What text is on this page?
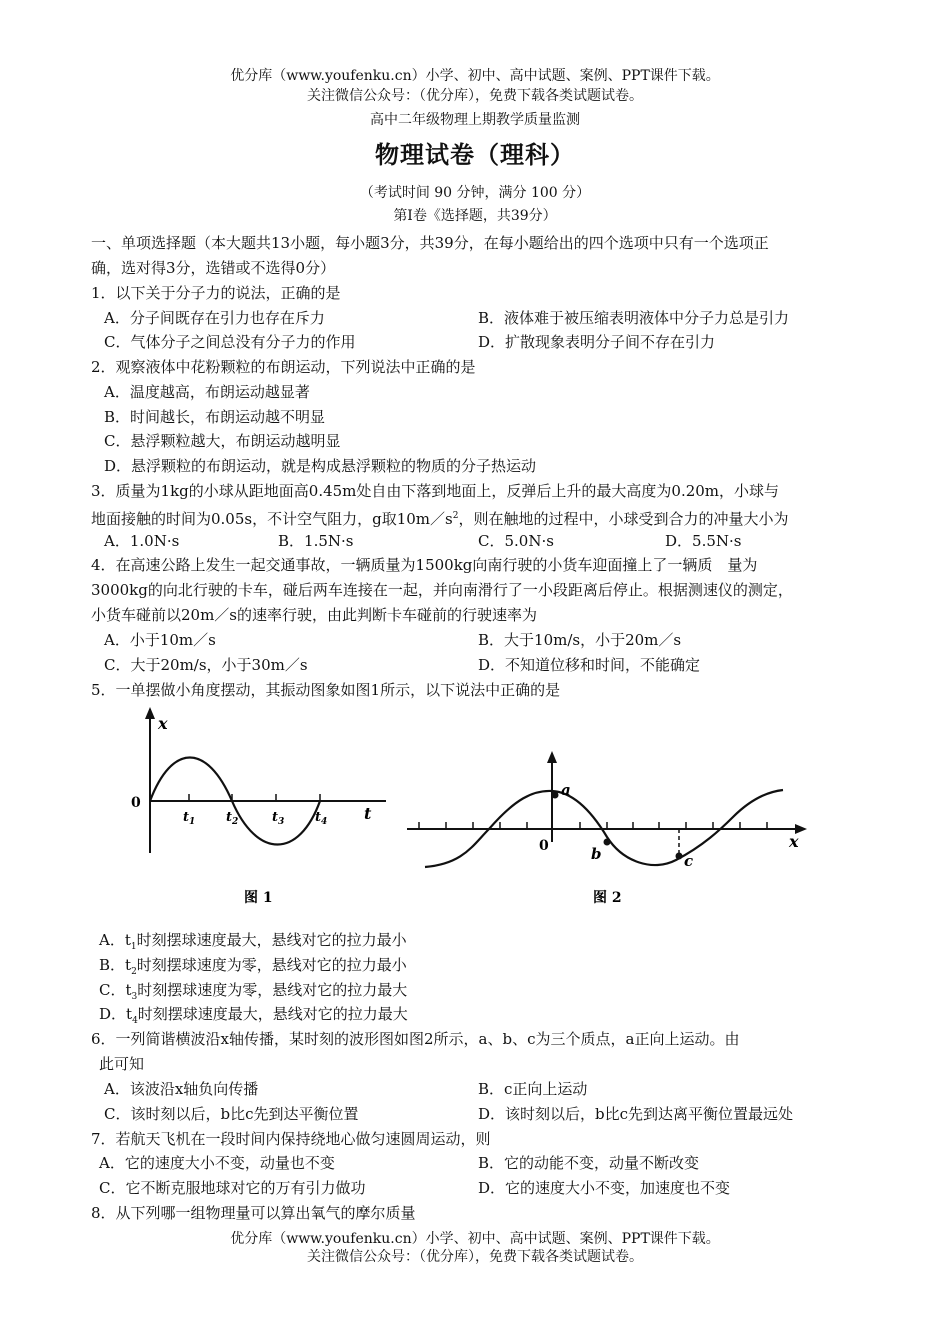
优分库（www.youfenku.cn）小学、初中、高中试题、案例、PPT课件下载。
关注微信公众号：（优分库），免费下载各类试题试卷。
高中二年级物理上期教学质量监测
物理试卷（理科）
（考试时间 90 分钟，满分 100 分）
第Ⅰ卷《选择题，共39分）
一、单项选择题（本大题共13小题，每小题3分，共39分，在每小题给出的四个选项中只有一个选项正
确，选对得3分，选错或不选得0分）
1．以下关于分子力的说法，正确的是
A．分子间既存在引力也存在斥力	B．液体难于被压缩表明液体中分子力总是引力
C．气体分子之间总没有分子力的作用	D．扩散现象表明分子间不存在引力
2．观察液体中花粉颗粒的布朗运动，下列说法中正确的是
A．温度越高，布朗运动越显著
B．时间越长，布朗运动越不明显
C．悬浮颗粒越大，布朗运动越明显
D．悬浮颗粒的布朗运动，就是构成悬浮颗粒的物质的分子热运动
3．质量为1kg的小球从距地面高0.45m处自由下落到地面上，反弹后上升的最大高度为0.20m，小球与
地面接触的时间为0.05s，不计空气阻力，g取$10m/s^2$，则在触地的过程中，小球受到合力的冲量大小为
A．1.0N·s	B．1.5N·s	C．5.0N·s	D．5.5N·s
4．在高速公路上发生一起交通事故，一辆质量为1500kg向南行驶的小货车迎面撞上了一辆质　量为
3000kg的向北行驶的卡车，碰后两车连接在一起，并向南滑行了一小段距离后停止。根据测速仪的测定，
小货车碰前以20m／s的速率行驶，由此判断卡车碰前的行驶速率为
A．小于10m／s	B．大于10m/s，小于20m／s
C．大于20m/s，小于30m／s	D．不知道位移和时间，不能确定
5．一单摆做小角度摆动，其振动图象如图1所示，以下说法中正确的是
x
0
t
$t_1$ $t_2$	$t_3$ $t_4$
图 1
x
0
a
b	c
图 2
A．$t_1$时刻摆球速度最大，悬线对它的拉力最小
B．$t_2$时刻摆球速度为零，悬线对它的拉力最小
C．$t_3$时刻摆球速度为零，悬线对它的拉力最大
D．$t_4$时刻摆球速度最大，悬线对它的拉力最大
6．一列简谐横波沿x轴传播，某时刻的波形图如图2所示，a、b、c为三个质点，a正向上运动。由
此可知
A．该波沿x轴负向传播	B．c正向上运动
C．该时刻以后，b比c先到达平衡位置	D．该时刻以后，b比c先到达离平衡位置最远处
7．若航天飞机在一段时间内保持绕地心做匀速圆周运动，则
A．它的速度大小不变，动量也不变	B．它的动能不变，动量不断改变
C．它不断克服地球对它的万有引力做功	D．它的速度大小不变，加速度也不变
8．从下列哪一组物理量可以算出氧气的摩尔质量
优分库（www.youfenku.cn）小学、初中、高中试题、案例、PPT课件下载。
关注微信公众号：（优分库），免费下载各类试题试卷。
